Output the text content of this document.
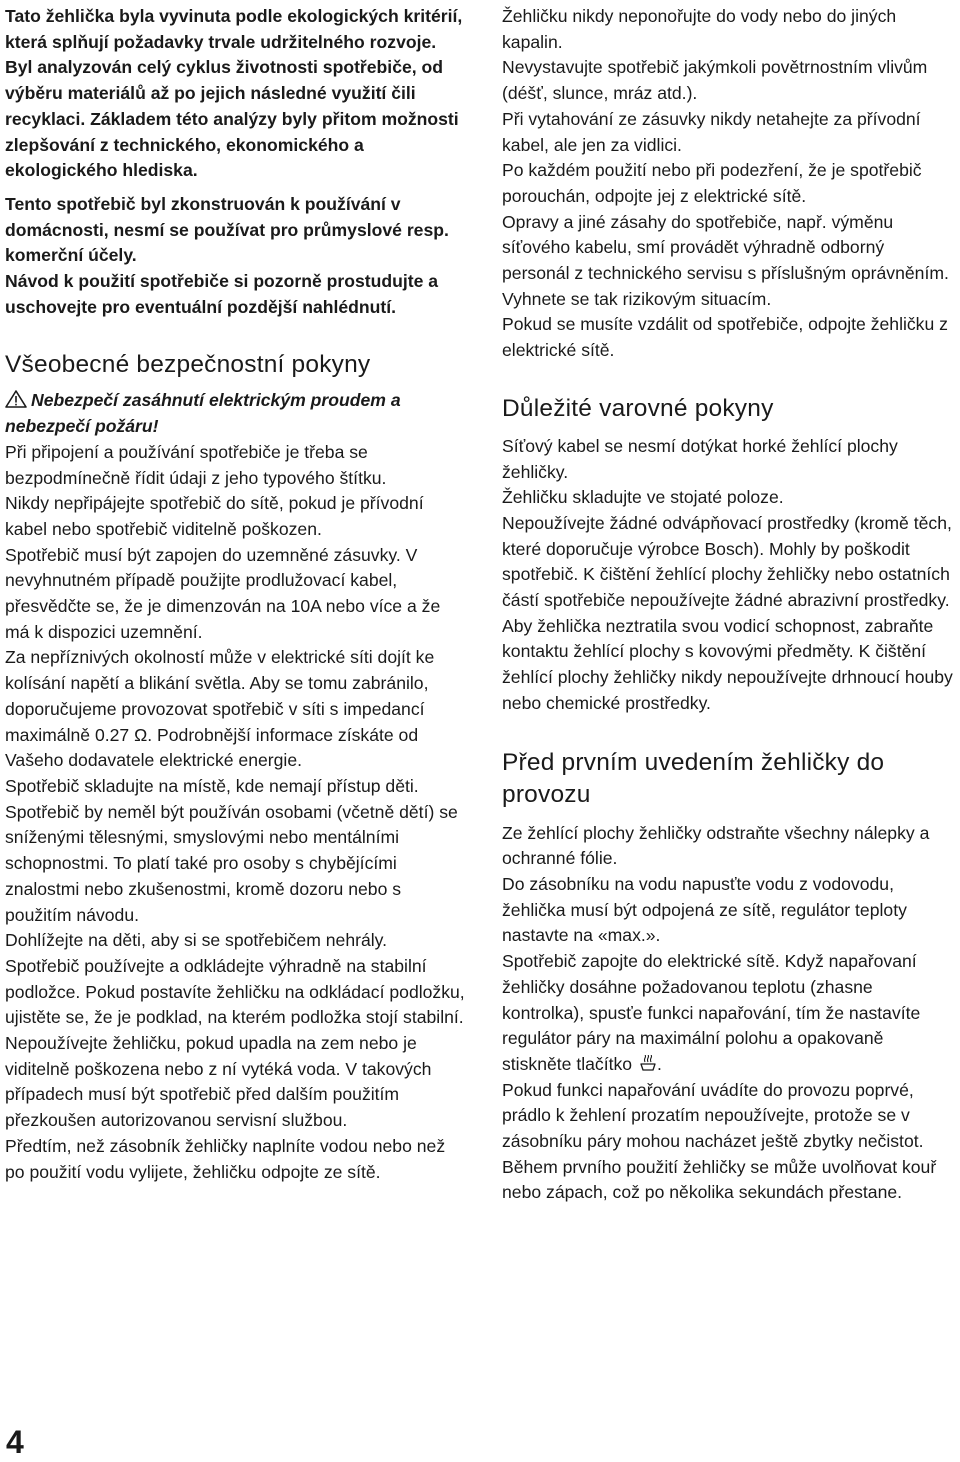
Tato žehlička byla vyvinuta podle ekologických kritérií, která splňují požadavky trvale udržitelného rozvoje. Byl analyzován celý cyklus životnosti spotřebiče, od výběru materiálů až po jejich následné využití čili recyklaci. Základem této analýzy byly přitom možnosti zlepšování z technického, ekonomického a ekologického hlediska.

Tento spotřebič byl zkonstruován k používání v domácnosti, nesmí se používat pro průmyslové resp. komerční účely.

Návod k použití spotřebiče si pozorně prostudujte a uschovejte pro eventuální pozdější nahlédnutí.

Všeobecné bezpečnostní pokyny

Nebezpečí zasáhnutí elektrickým proudem a nebezpečí požáru!

Při připojení a používání spotřebiče je třeba se bezpodmínečně řídit údaji z jeho typového štítku.

Nikdy nepřipájejte spotřebič do sítě, pokud je přívodní kabel nebo spotřebič viditelně poškozen.

Spotřebič musí být zapojen do uzemněné zásuvky. V nevyhnutném případě použijte prodlužovací kabel, přesvědčte se, že je dimenzován na 10A nebo více a že má k dispozici uzemnění.

Za nepříznivých okolností může v elektrické síti dojít ke kolísání napětí a blikání světla. Aby se tomu zabránilo, doporučujeme provozovat spotřebič v síti s impedancí maximálně 0.27 Ω. Podrobnější informace získáte od Vašeho dodavatele elektrické energie.

Spotřebič skladujte na místě, kde nemají přístup děti. Spotřebič by neměl být používán osobami (včetně dětí) se sníženými tělesnými, smyslovými nebo mentálními schopnostmi. To platí také pro osoby s chybějícími znalostmi nebo zkušenostmi, kromě dozoru nebo s použitím návodu.

Dohlížejte na děti, aby si se spotřebičem nehrály.

Spotřebič používejte a odkládejte výhradně na stabilní podložce. Pokud postavíte žehličku na odkládací podložku, ujistěte se, že je podklad, na kterém podložka stojí stabilní.

Nepoužívejte žehličku, pokud upadla na zem nebo je viditelně poškozena nebo z ní vytéká voda. V takových případech musí být spotřebič před dalším použitím přezkoušen autorizovanou servisní službou.

Předtím, než zásobník žehličky naplníte vodou nebo než po použití vodu vylijete, žehličku odpojte ze sítě.

Žehličku nikdy neponořujte do vody nebo do jiných kapalin.

Nevystavujte spotřebič jakýmkoli povětrnostním vlivům (déšť, slunce, mráz atd.).

Při vytahování ze zásuvky nikdy netahejte za přívodní kabel, ale jen za vidlici.

Po každém použití nebo při podezření, že je spotřebič porouchán, odpojte jej z elektrické sítě.

Opravy a jiné zásahy do spotřebiče, např. výměnu síťového kabelu, smí provádět výhradně odborný personál z technického servisu s příslušným oprávněním. Vyhnete se tak rizikovým situacím.

Pokud se musíte vzdálit od spotřebiče, odpojte žehličku z elektrické sítě.

Důležité varovné pokyny

Síťový kabel se nesmí dotýkat horké žehlící plochy žehličky.

Žehličku skladujte ve stojaté poloze.

Nepoužívejte žádné odvápňovací prostředky (kromě těch, které doporučuje výrobce Bosch). Mohly by poškodit spotřebič. K čištění žehlící plochy žehličky nebo ostatních částí spotřebiče nepoužívejte žádné abrazivní prostředky. Aby žehlička neztratila svou vodicí schopnost, zabraňte kontaktu žehlící plochy s kovovými předměty. K čištění žehlící plochy žehličky nikdy nepoužívejte drhnoucí houby nebo chemické prostředky.

Před prvním uvedením žehličky do provozu

Ze žehlící plochy žehličky odstraňte všechny nálepky a ochranné fólie.

Do zásobníku na vodu napusťte vodu z vodovodu, žehlička musí být odpojená ze sítě, regulátor teploty nastavte na «max.».

Spotřebič zapojte do elektrické sítě. Když napařovaní žehličky dosáhne požadovanou teplotu (zhasne kontrolka), spusťe funkci napařování, tím že nastavíte regulátor páry na maximální polohu a opakovaně stiskněte tlačítko .

Pokud funkci napařování uvádíte do provozu poprvé, prádlo k žehlení prozatím nepoužívejte, protože se v zásobníku páry mohou nacházet ještě zbytky nečistot.

Během prvního použití žehličky se může uvolňovat kouř nebo zápach, což po několika sekundách přestane.

4
